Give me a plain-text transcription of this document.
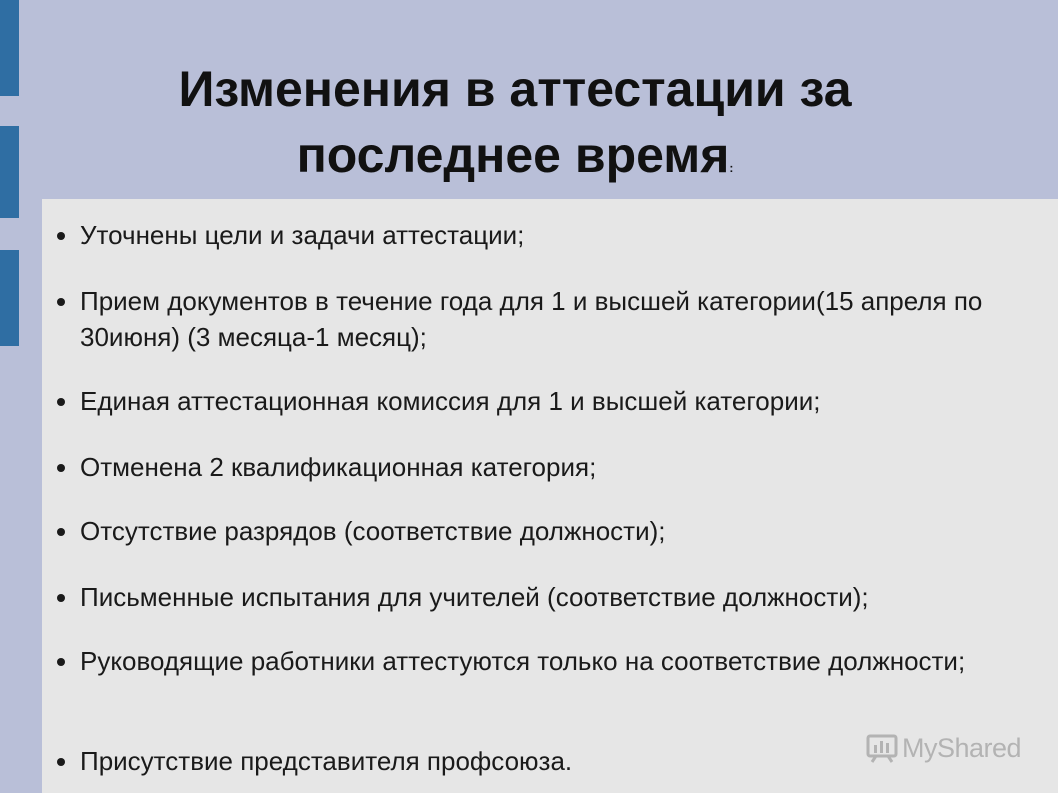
Изменения в аттестации за
последнее время:
Уточнены цели и задачи аттестации;
Прием документов в течение года для 1 и высшей категории(15 апреля по 30июня) (3 месяца-1 месяц);
Единая аттестационная комиссия для 1 и высшей категории;
Отменена 2 квалификационная категория;
Отсутствие разрядов (соответствие должности);
Письменные испытания для учителей (соответствие должности);
Руководящие работники аттестуются только на соответствие должности;
Присутствие представителя профсоюза.	MyShared
